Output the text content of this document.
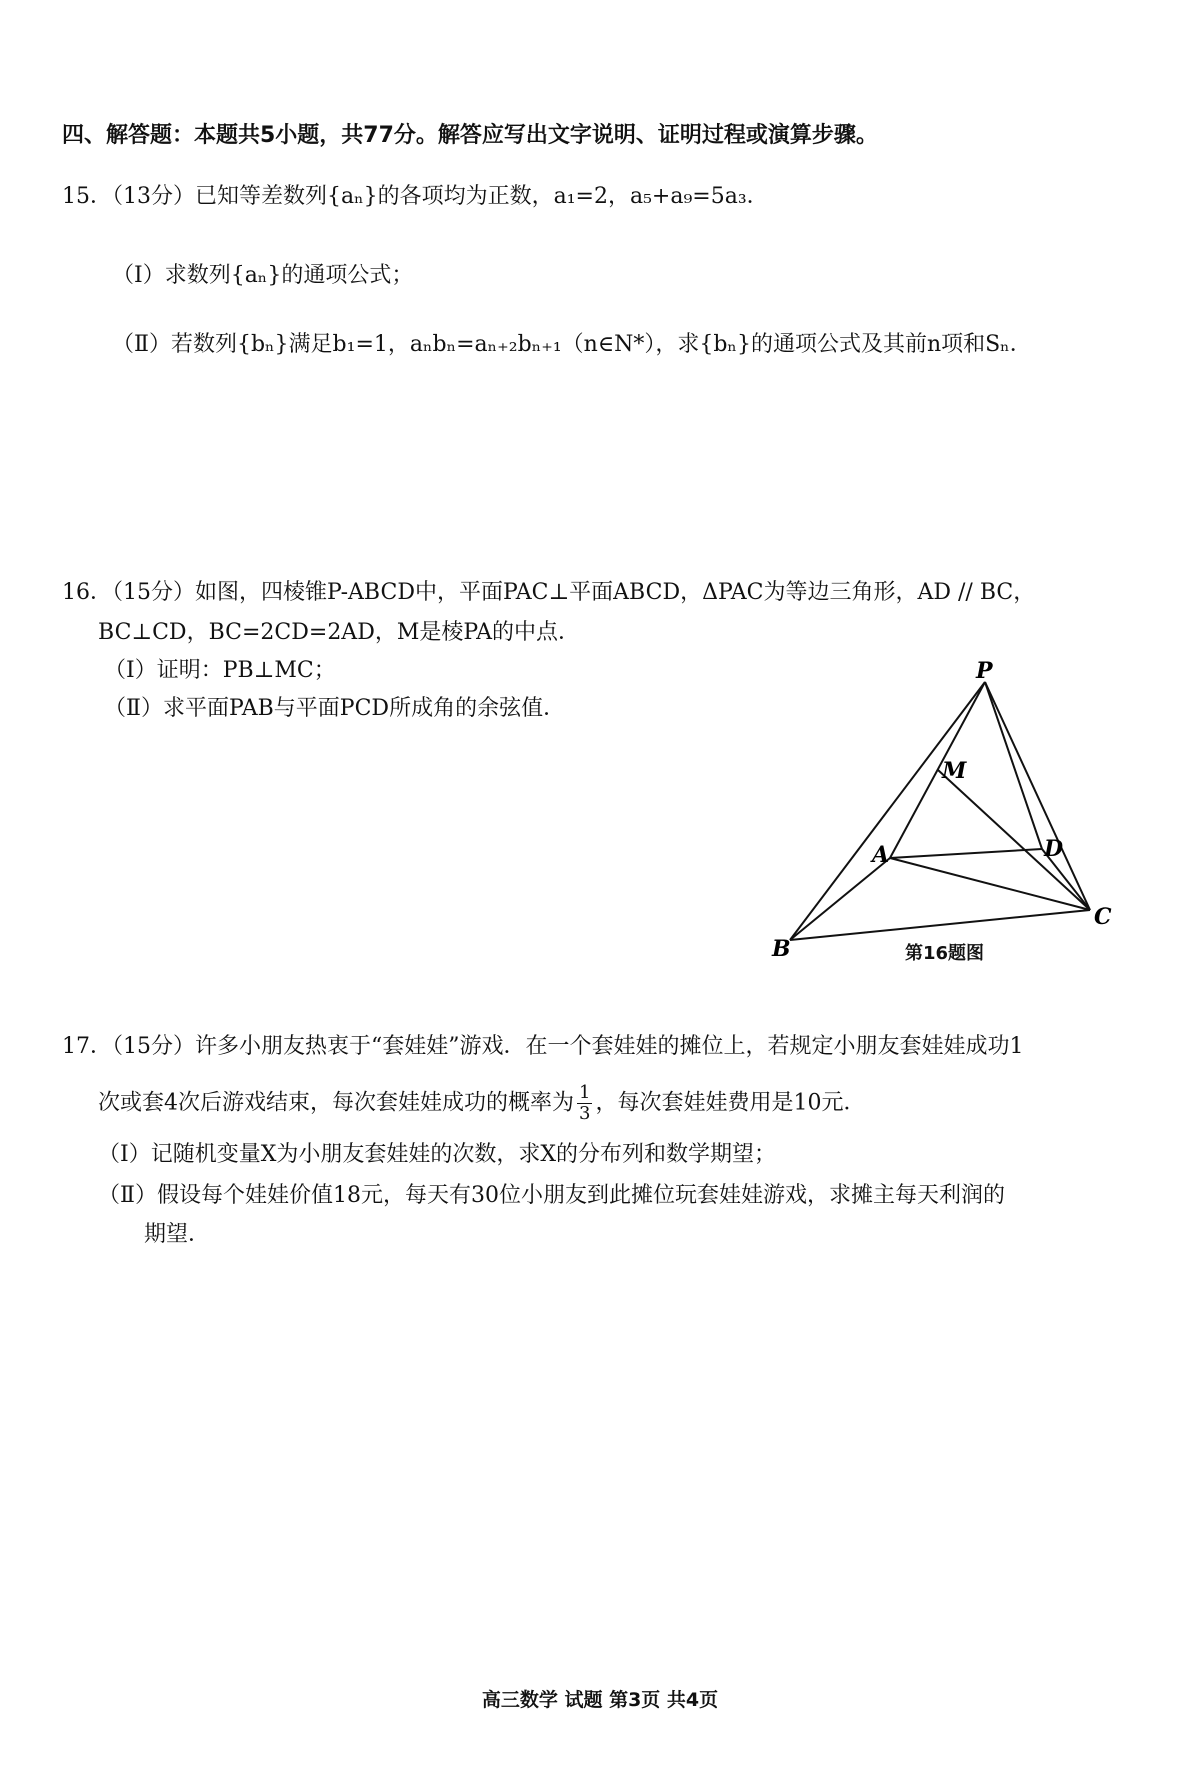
四、解答题：本题共5小题，共77分。解答应写出文字说明、证明过程或演算步骤。
15．（13分）已知等差数列{aₙ}的各项均为正数，a₁=2，a₅+a₉=5a₃．
（Ⅰ）求数列{aₙ}的通项公式；
（Ⅱ）若数列{bₙ}满足b₁=1，aₙbₙ=aₙ₊₂bₙ₊₁（n∈N*），求{bₙ}的通项公式及其前n项和Sₙ．
16．（15分）如图，四棱锥P-ABCD中，平面PAC⊥平面ABCD，ΔPAC为等边三角形，AD // BC，
BC⊥CD，BC=2CD=2AD，M是棱PA的中点．
（Ⅰ）证明：PB⊥MC；
（Ⅱ）求平面PAB与平面PCD所成角的余弦值．
P
M
A	D
B
C
第16题图
17．（15分）许多小朋友热衷于“套娃娃”游戏．在一个套娃娃的摊位上，若规定小朋友套娃娃成功1
次或套4次后游戏结束，每次套娃娃成功的概率为 $\frac{1}{3}$ ，每次套娃娃费用是10元．
（Ⅰ）记随机变量X为小朋友套娃娃的次数，求X的分布列和数学期望；
（Ⅱ）假设每个娃娃价值18元，每天有30位小朋友到此摊位玩套娃娃游戏，求摊主每天利润的
期望．
高三数学 试题 第3页 共4页
